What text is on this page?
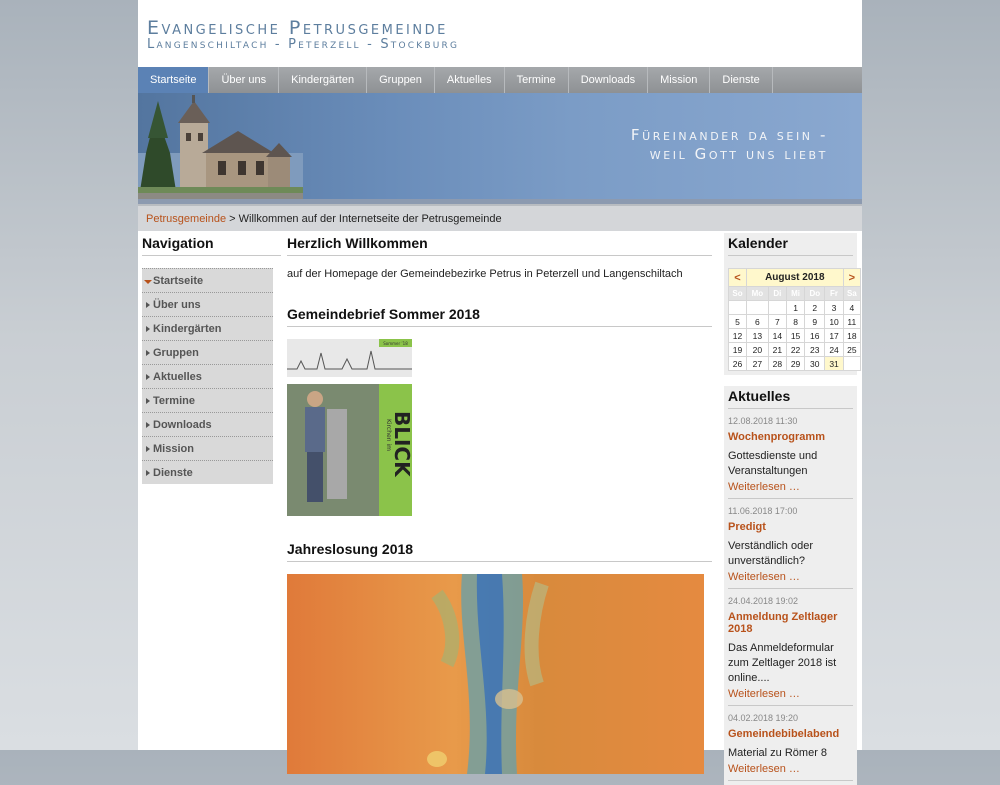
Evangelische Petrusgemeinde
Langenschiltach - Peterzell - Stockburg
Startseite	Über uns	Kindergärten	Gruppen	Aktuelles	Termine	Downloads	Mission	Dienste
Füreinander da sein -
weil Gott uns liebt
Petrusgemeinde > Willkommen auf der Internetseite der Petrusgemeinde
Navigation
Startseite
Über uns
Kindergärten
Gruppen
Aktuelles
Termine
Downloads
Mission
Dienste
Herzlich Willkommen

auf der Homepage der Gemeindebezirke Petrus in Peterzell und Langenschiltach

Gemeindebrief Sommer 2018
Sommer ’18
Kirchen im
BLICK
Jahreslosung 2018
Kalender
<	August 2018					>
So	Mo	Di	Mi	Do	Fr	Sa
			1	2	3	4
5	6	7	8	9	10	11
12	13	14	15	16	17	18
19	20	21	22	23	24	25
26	27	28	29	30	31	
Aktuelles
12.08.2018 11:30
Wochenprogramm
Gottesdienste und Veranstaltungen
Weiterlesen …
11.06.2018 17:00
Predigt
Verständlich oder unverständlich?
Weiterlesen …
24.04.2018 19:02
Anmeldung Zeltlager 2018
Das Anmeldeformular zum Zeltlager 2018 ist online....
Weiterlesen …
04.02.2018 19:20
Gemeindebibelabend
Material zu Römer 8
Weiterlesen …
